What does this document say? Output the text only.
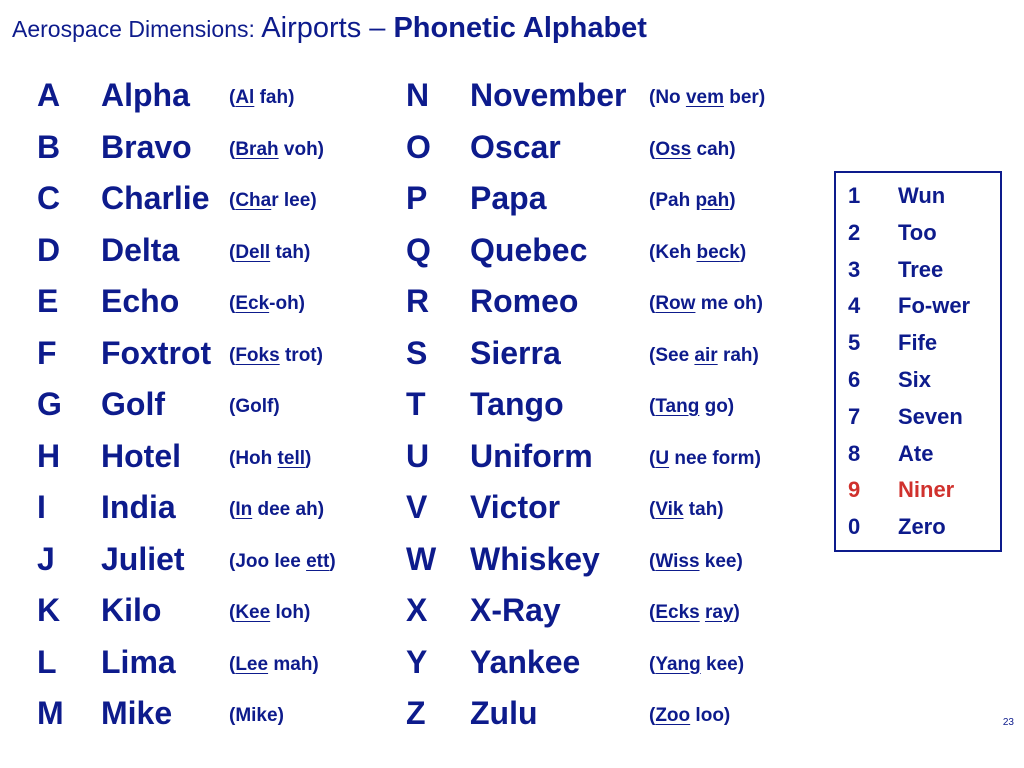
Aerospace Dimensions: Airports – Phonetic Alphabet
A Alpha (Al fah)
B Bravo (Brah voh)
C Charlie (Char lee)
D Delta	(Dell tah)
E Echo	(Eck-oh)
F Foxtrot (Foks trot)
G Golf	(Golf)
H Hotel	(Hoh tell)
I India	(In dee ah)
J Juliet (Joo lee ett)
K Kilo	(Kee loh)
L Lima	(Lee mah)
M Mike	(Mike)
N November (No vem ber)
O Oscar	(Oss cah)
P Papa	(Pah pah)
Q Quebec	(Keh beck)
R Romeo	(Row me oh)
S Sierra	(See air rah)
T Tango	(Tang go)
U Uniform	(U nee form)
V Victor	(Vik tah)
W Whiskey	(Wiss kee)
X X-Ray	(Ecks ray)
Y Yankee	(Yang kee)
Z Zulu	(Zoo loo)
1 Wun
2 Too
3 Tree
4 Fo-wer
5 Fife
6 Six
7 Seven
8 Ate
9 Niner
0 Zero
23
